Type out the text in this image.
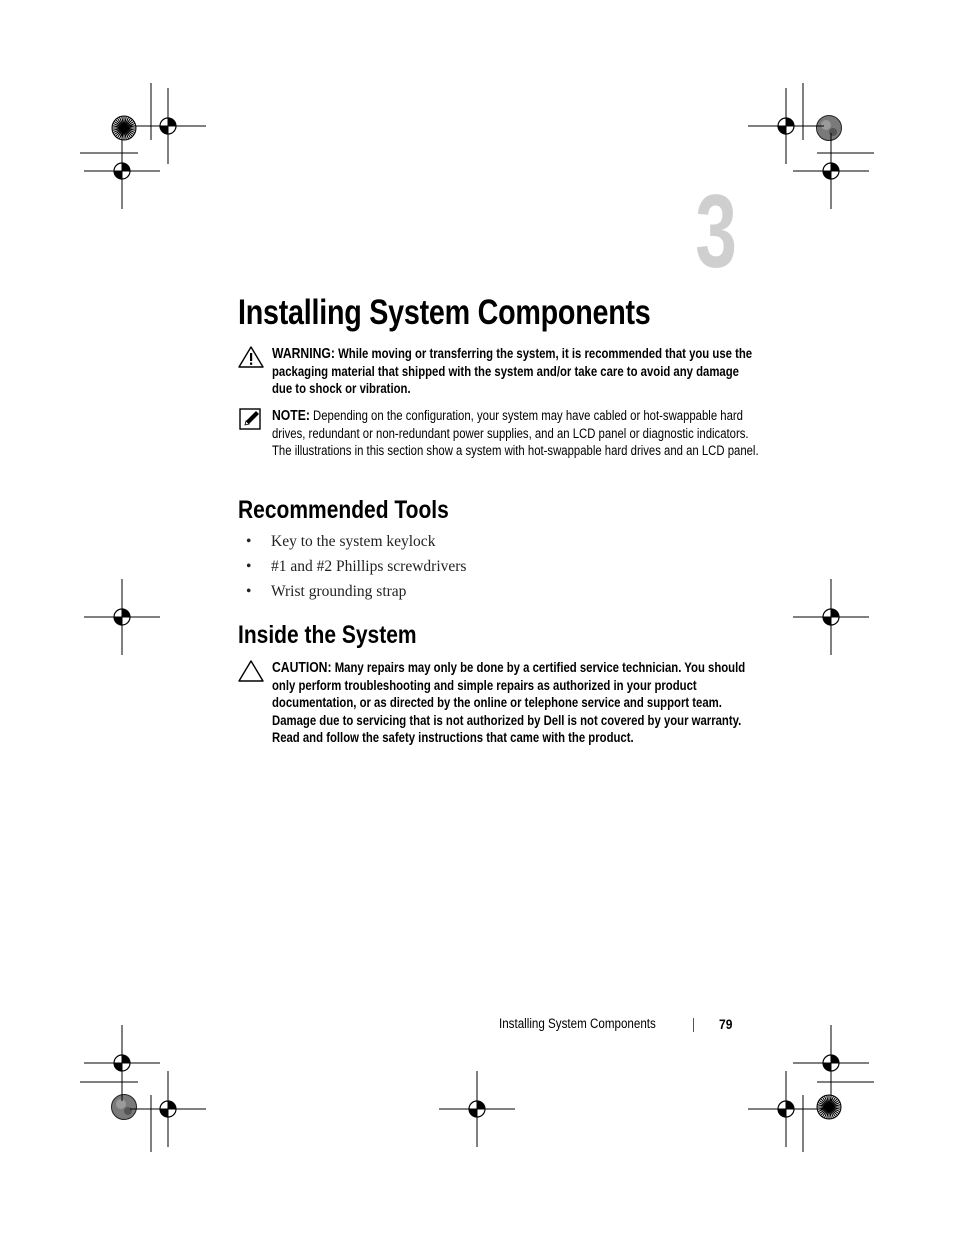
3
Installing System Components
WARNING: While moving or transferring the system, it is recommended that you use the packaging material that shipped with the system and/or take care to avoid any damage due to shock or vibration.
NOTE: Depending on the configuration, your system may have cabled or hot-swappable hard drives, redundant or non-redundant power supplies, and an LCD panel or diagnostic indicators. The illustrations in this section show a system with hot-swappable hard drives and an LCD panel.
Recommended Tools
• Key to the system keylock
• #1 and #2 Phillips screwdrivers
• Wrist grounding strap
Inside the System
CAUTION: Many repairs may only be done by a certified service technician. You should only perform troubleshooting and simple repairs as authorized in your product documentation, or as directed by the online or telephone service and support team. Damage due to servicing that is not authorized by Dell is not covered by your warranty. Read and follow the safety instructions that came with the product.
Installing System Components	79
